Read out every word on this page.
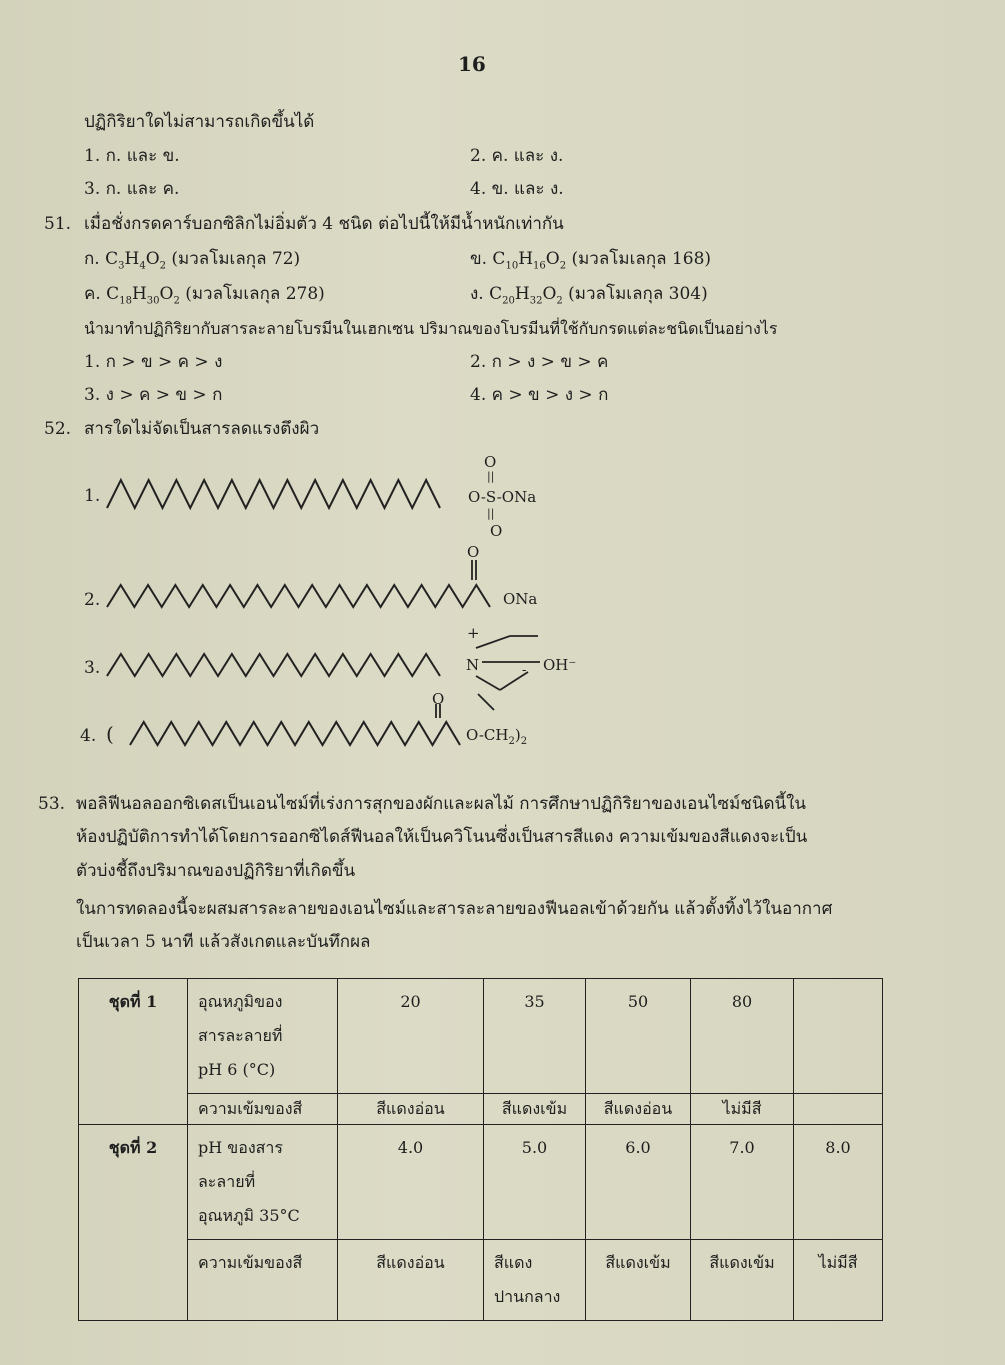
16
ปฏิกิริยาใดไม่สามารถเกิดขึ้นได้
1. ก. และ ข.	2. ค. และ ง.
3. ก. และ ค.	4. ข. และ ง.
51. เมื่อชั่งกรดคาร์บอกซิลิกไม่อิ่มตัว 4 ชนิด ต่อไปนี้ให้มีน้ำหนักเท่ากัน
ก. $C_3H_4O_2$ (มวลโมเลกุล 72)	ข. $C_{10}H_{16}O_2$ (มวลโมเลกุล 168)
ค. $C_{18}H_{30}O_2$ (มวลโมเลกุล 278)	ง. $C_{20}H_{32}O_2$ (มวลโมเลกุล 304)
นำมาทำปฏิกิริยากับสารละลายโบรมีนในเฮกเซน ปริมาณของโบรมีนที่ใช้กับกรดแต่ละชนิดเป็นอย่างไร
1. ก > ข > ค > ง	2. ก > ง > ข > ค
3. ง > ค > ข > ก	4. ค > ข > ง > ก
52. สารใดไม่จัดเป็นสารลดแรงตึงผิว
1.
O
||
O-S-ONa
||
O
2.
O
ONa
3.
+
N	- OH⁻
4. (
O
$O-CH_2)_2$
53. พอลิฟีนอลออกซิเดสเป็นเอนไซม์ที่เร่งการสุกของผักและผลไม้ การศึกษาปฏิกิริยาของเอนไซม์ชนิดนี้ใน
ห้องปฏิบัติการทำได้โดยการออกซิไดส์ฟีนอลให้เป็นควิโนนซึ่งเป็นสารสีแดง ความเข้มของสีแดงจะเป็น
ตัวบ่งชี้ถึงปริมาณของปฏิกิริยาที่เกิดขึ้น
ในการทดลองนี้จะผสมสารละลายของเอนไซม์และสารละลายของฟีนอลเข้าด้วยกัน แล้วตั้งทิ้งไว้ในอากาศ
เป็นเวลา 5 นาที แล้วสังเกตและบันทึกผล
ชุดที่ 1	อุณหภูมิของ
สารละลายที่
pH 6 (°C)
	20	35	50	80	
ความเข้มของสี	สีแดงอ่อน	สีแดงเข้ม	สีแดงอ่อน	ไม่มีสี	
ชุดที่ 2	pH ของสาร
ละลายที่
อุณหภูมิ 35°C
	4.0	5.0	6.0	7.0	8.0
ความเข้มของสี	สีแดงอ่อน	สีแดง
ปานกลาง	สีแดงเข้ม	สีแดงเข้ม	ไม่มีสี
